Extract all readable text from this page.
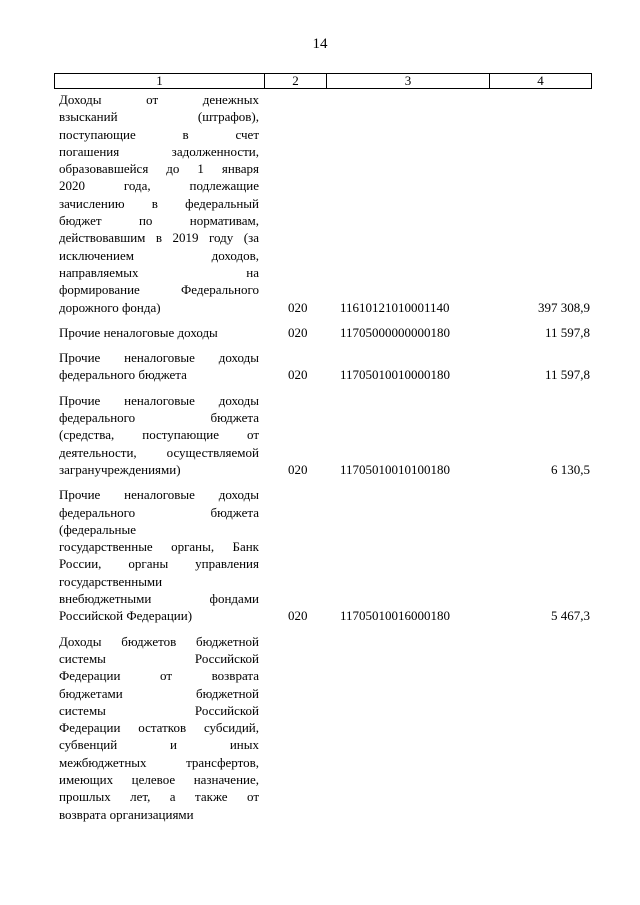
14
1	2	3	4
Доходы от денежных
взысканий (штрафов),
поступающие в счет
погашения задолженности,
образовавшейся до 1 января
2020 года, подлежащие
зачислению в федеральный
бюджет по нормативам,
действовавшим в 2019 году (за
исключением доходов,
направляемых на
формирование Федерального
дорожного фонда)	020	11610121010001140	397 308,9
Прочие неналоговые доходы	020	11705000000000180	11 597,8
Прочие неналоговые доходы
федерального бюджета	020	11705010010000180	11 597,8
Прочие неналоговые доходы
федерального бюджета
(средства, поступающие от
деятельности, осуществляемой
загранучреждениями)	020	11705010010100180	6 130,5
Прочие неналоговые доходы
федерального бюджета
(федеральные
государственные органы, Банк
России, органы управления
государственными
внебюджетными фондами
Российской Федерации)	020	11705010016000180	5 467,3
Доходы бюджетов бюджетной
системы Российской
Федерации от возврата
бюджетами бюджетной
системы Российской
Федерации остатков субсидий,
субвенций и иных
межбюджетных трансфертов,
имеющих целевое назначение,
прошлых лет, а также от
возврата организациями
